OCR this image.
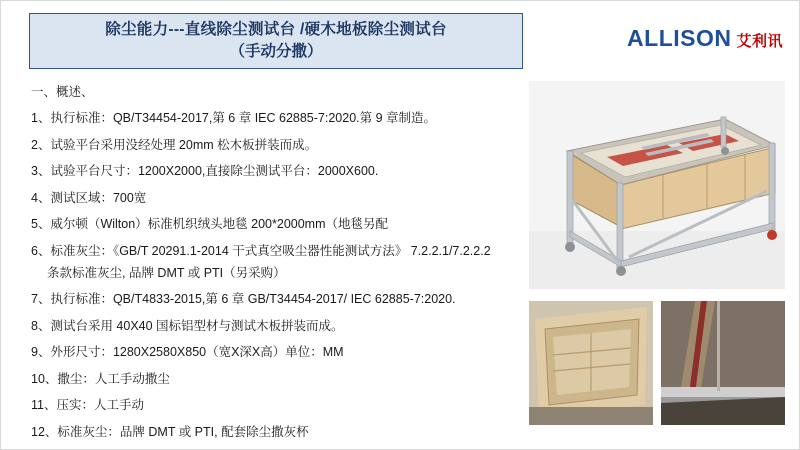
除尘能力---直线除尘测试台 /硬木地板除尘测试台
（手动分撒）
ALLISON 艾利讯
一、概述、
1、执行标准：QB/T34454-2017,第 6 章 IEC 62885-7:2020.第 9 章制造。
2、试验平台采用没经处理 20mm 松木板拼装而成。
3、试验平台尺寸：1200X2000,直接除尘测试平台：2000X600.
4、测试区域：700宽
5、威尔顿（Wilton）标准机织绒头地毯 200*2000mm（地毯另配
6、标准灰尘：《GB/T 20291.1-2014 干式真空吸尘器性能测试方法》 7.2.2.1/7.2.2.2
条款标准灰尘, 品牌 DMT 或 PTI（另采购）
7、执行标准：QB/T4833-2015,第 6 章 GB/T34454-2017/ IEC 62885-7:2020.
8、测试台采用 40X40 国标铝型材与测试木板拼装而成。
9、外形尺寸：1280X2580X850（宽X深X高）单位：MM
10、撒尘：人工手动撒尘
11、压实：人工手动
12、标准灰尘：品牌 DMT 或 PTI, 配套除尘撒灰杯
